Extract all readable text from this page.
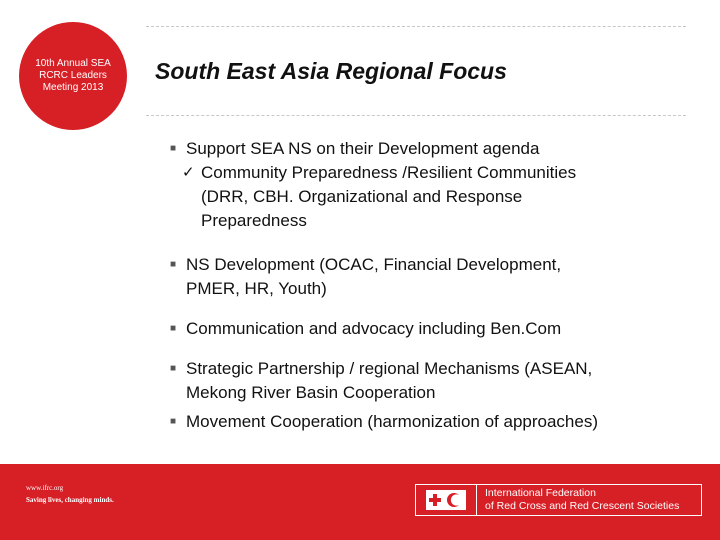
10th Annual SEA
RCRC Leaders
Meeting 2013
South East Asia Regional Focus
■ Support SEA NS on their Development agenda
✓ Community Preparedness /Resilient Communities
(DRR, CBH. Organizational and Response
Preparedness
■ NS Development (OCAC, Financial Development,
PMER, HR, Youth)
■ Communication and advocacy including Ben.Com
■ Strategic Partnership / regional Mechanisms (ASEAN,
Mekong River Basin Cooperation
■ Movement Cooperation (harmonization of approaches)
www.ifrc.org
Saving lives, changing minds.
International Federation
of Red Cross and Red Crescent Societies
